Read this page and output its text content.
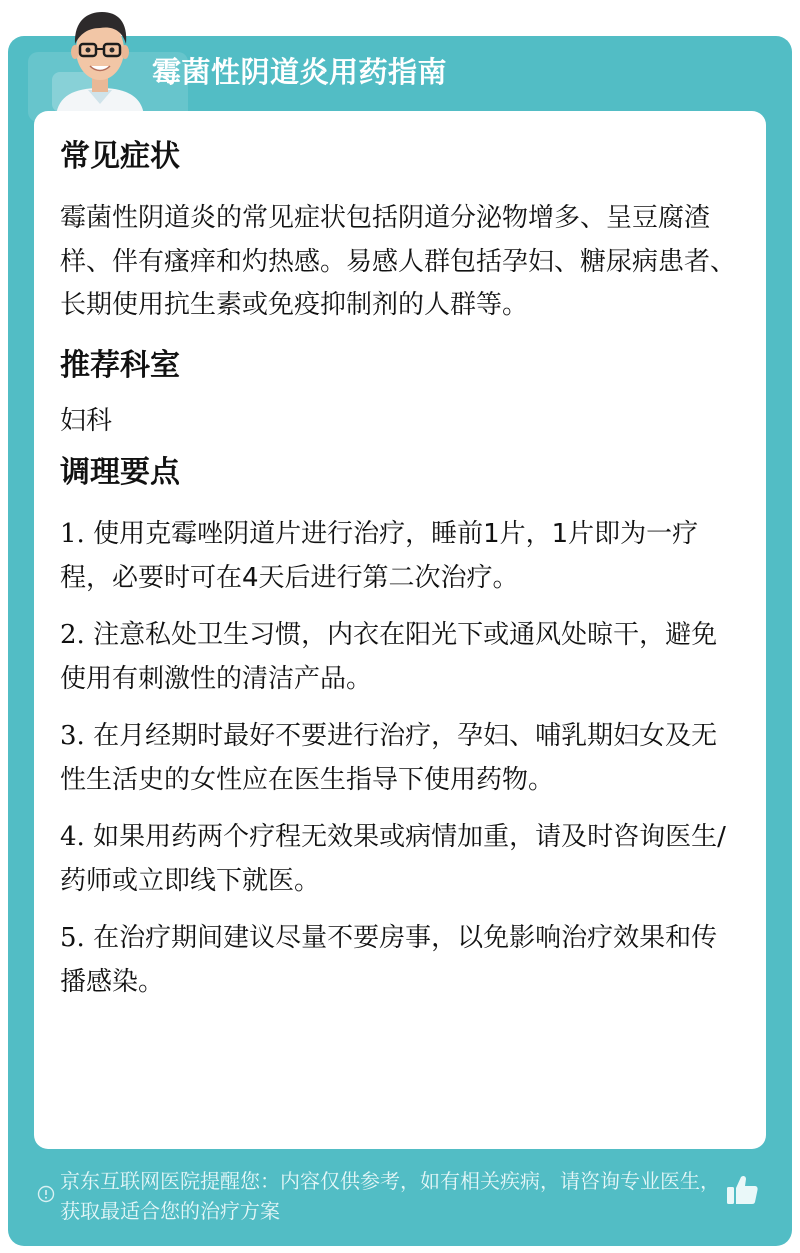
霉菌性阴道炎用药指南
常见症状

霉菌性阴道炎的常见症状包括阴道分泌物增多、呈豆腐渣样、伴有瘙痒和灼热感。易感人群包括孕妇、糖尿病患者、长期使用抗生素或免疫抑制剂的人群等。

推荐科室

妇科

调理要点

1. 使用克霉唑阴道片进行治疗，睡前1片，1片即为一疗程，必要时可在4天后进行第二次治疗。

2. 注意私处卫生习惯，内衣在阳光下或通风处晾干，避免使用有刺激性的清洁产品。

3. 在月经期时最好不要进行治疗，孕妇、哺乳期妇女及无性生活史的女性应在医生指导下使用药物。

4. 如果用药两个疗程无效果或病情加重，请及时咨询医生/药师或立即线下就医。

5. 在治疗期间建议尽量不要房事，以免影响治疗效果和传播感染。

京东互联网医院提醒您：内容仅供参考，如有相关疾病，请咨询专业医生，获取最适合您的治疗方案
